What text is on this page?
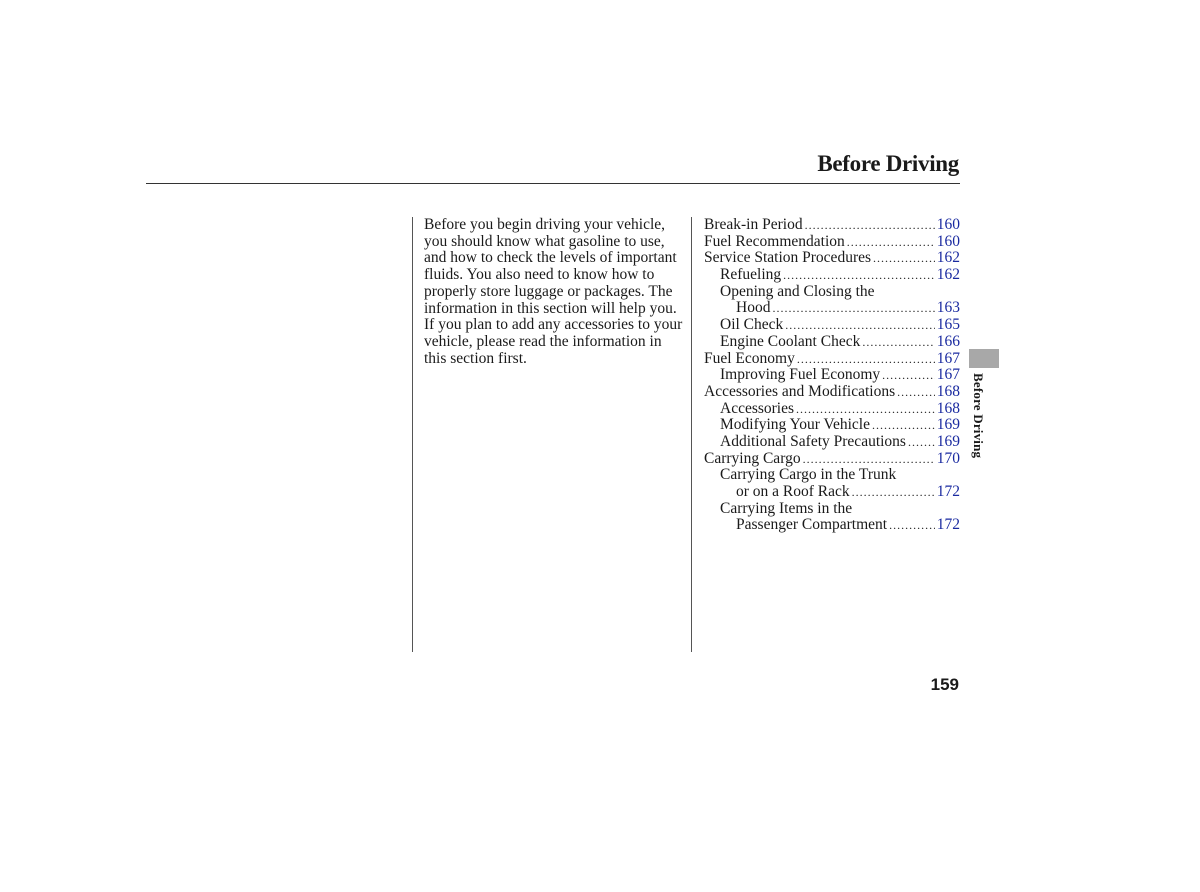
Before Driving

Before you begin driving your vehicle, you should know what gasoline to use, and how to check the levels of important fluids. You also need to know how to properly store luggage or packages. The information in this section will help you. If you plan to add any accessories to your vehicle, please read the information in this section first.

Break-in Period .....	160
Fuel Recommendation .....	160
Service Station Procedures .....	162
Refueling .....	162
Opening and Closing the
Hood .....	163
Oil Check .....	165
Engine Coolant Check .....	166
Fuel Economy .....	167
Improving Fuel Economy .....	167
Accessories and Modifications .....	168
Accessories .....	168
Modifying Your Vehicle .....	169
Additional Safety Precautions ..... 169
Carrying Cargo .....	170
Carrying Cargo in the Trunk
or on a Roof Rack .....	172
Carrying Items in the
Passenger Compartment .....	172
Before Driving
159
